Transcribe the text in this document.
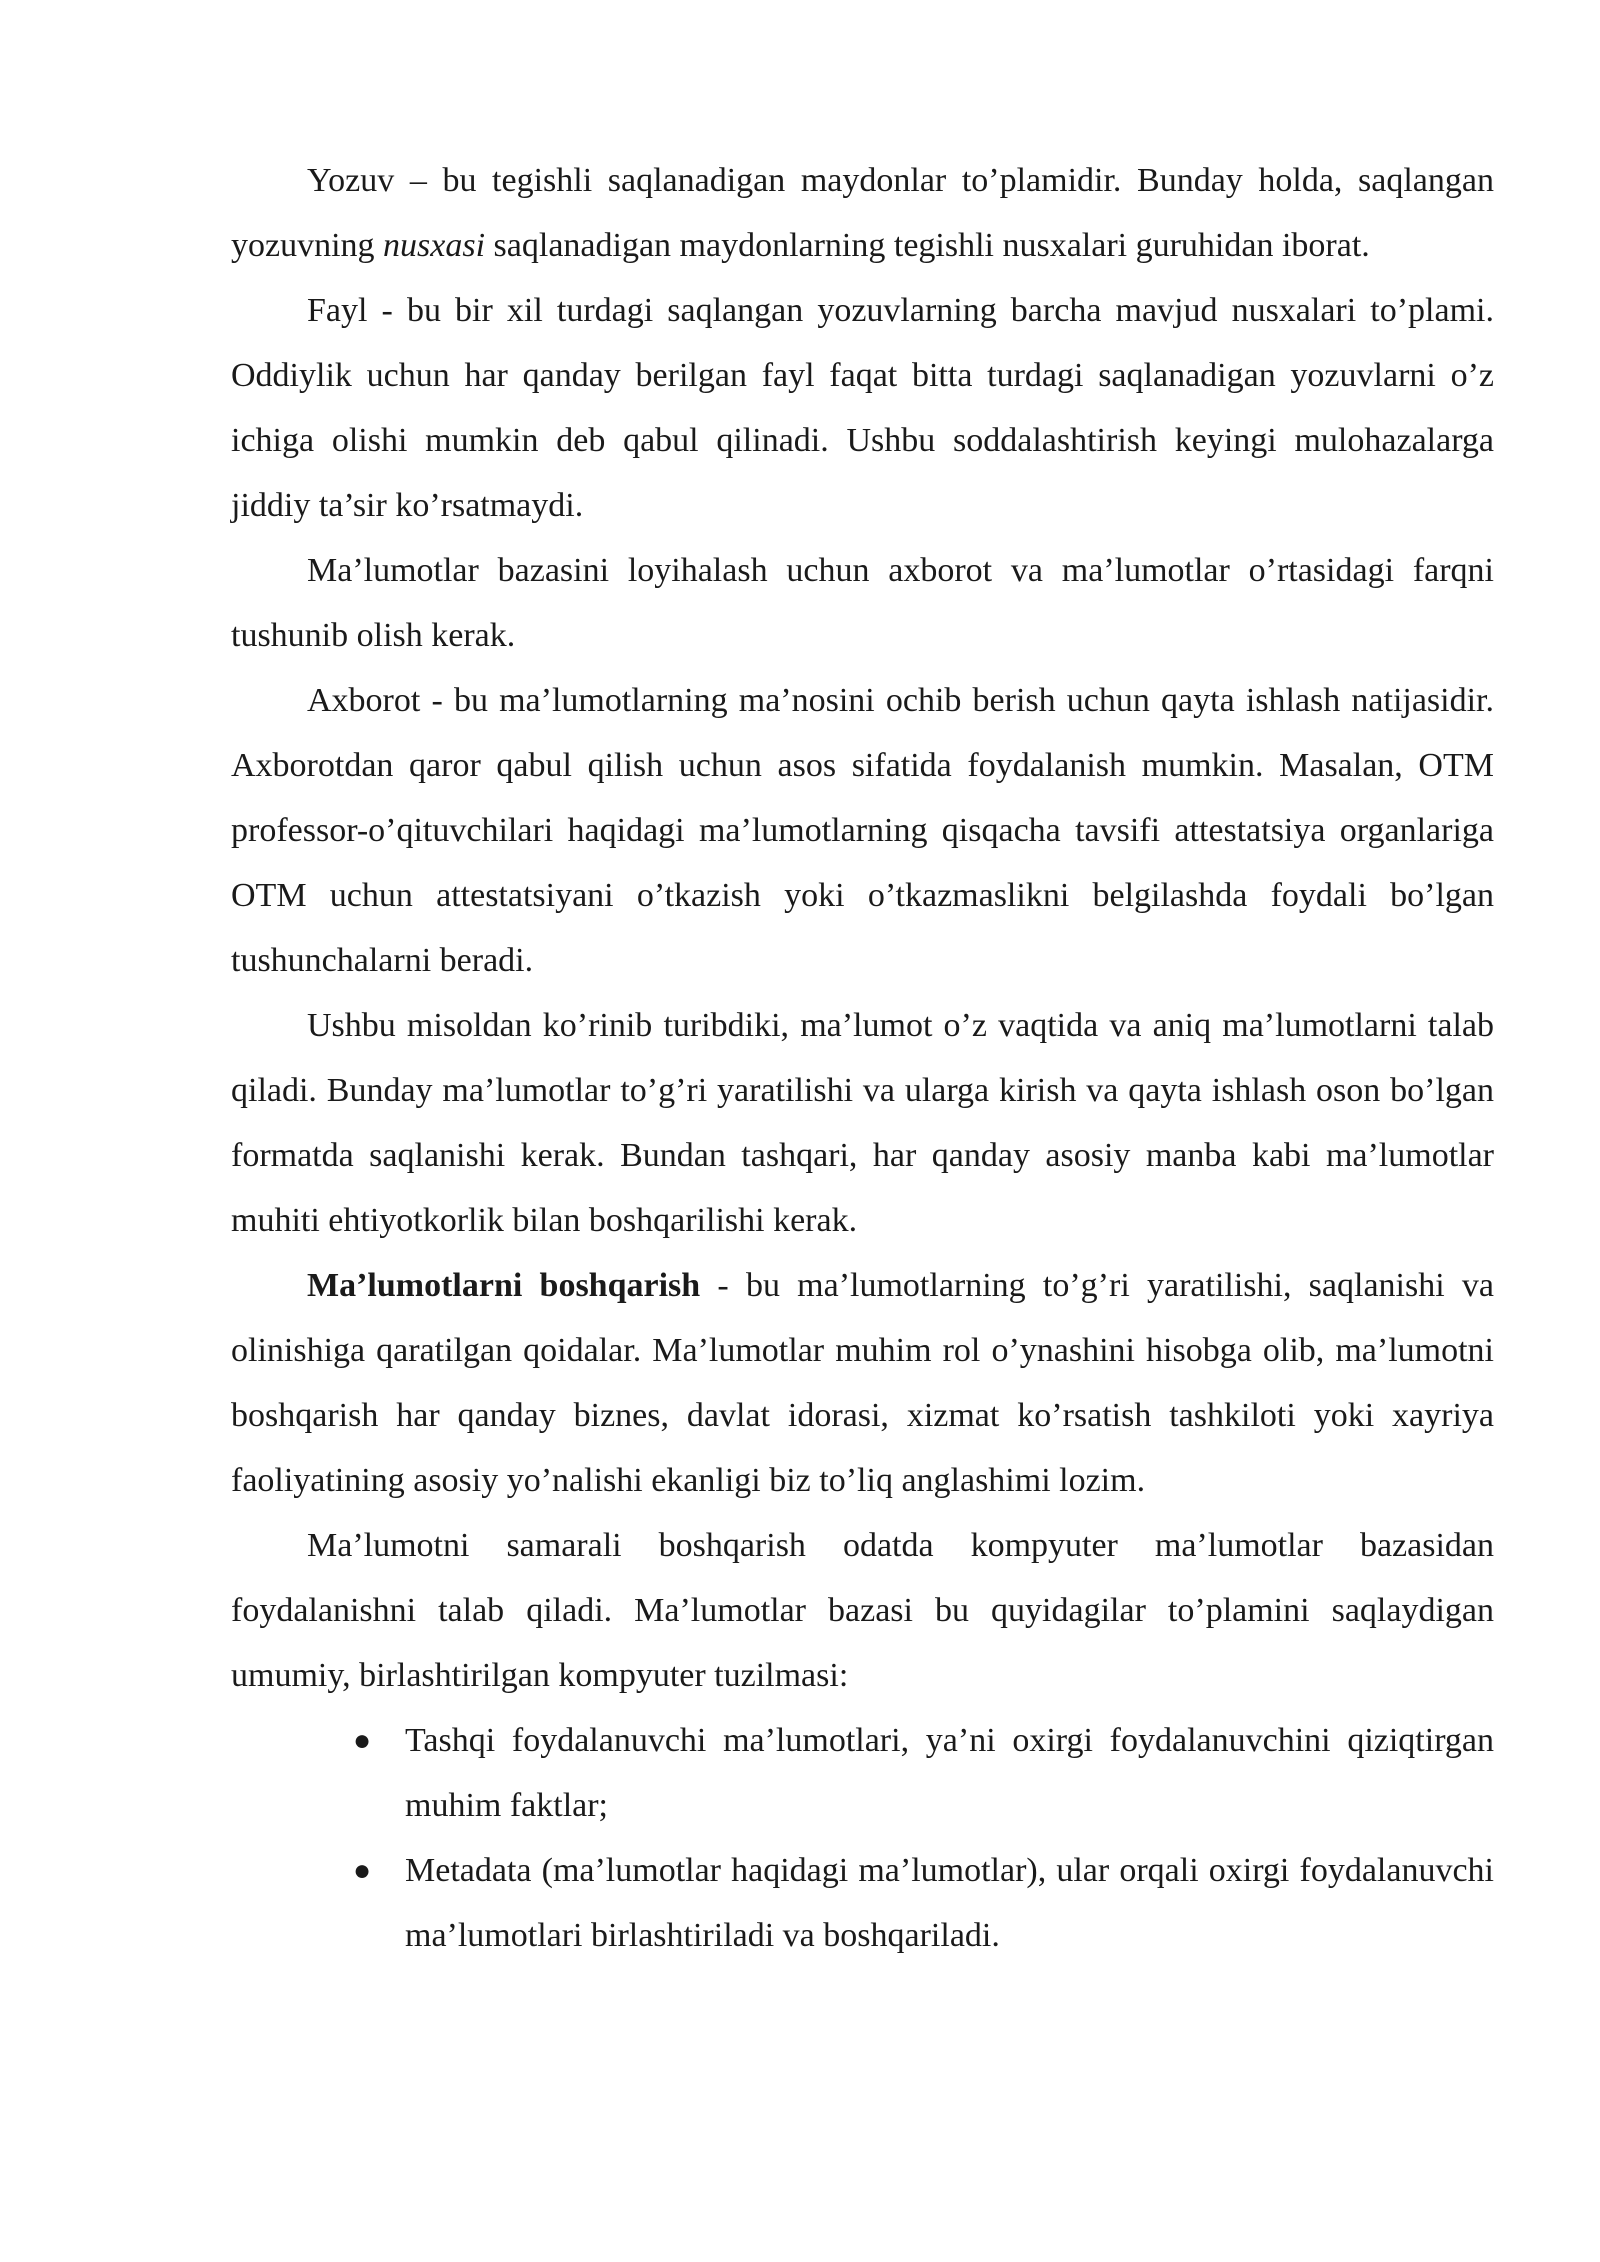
Yozuv – bu tegishli saqlanadigan maydonlar to’plamidir. Bunday holda, saqlangan yozuvning nusxasi saqlanadigan maydonlarning tegishli nusxalari guruhidan iborat.

Fayl - bu bir xil turdagi saqlangan yozuvlarning barcha mavjud nusxalari to’plami. Oddiylik uchun har qanday berilgan fayl faqat bitta turdagi saqlanadigan yozuvlarni o’z ichiga olishi mumkin deb qabul qilinadi. Ushbu soddalashtirish keyingi mulohazalarga jiddiy ta’sir ko’rsatmaydi.

Ma’lumotlar bazasini loyihalash uchun axborot va ma’lumotlar o’rtasidagi farqni tushunib olish kerak.

Axborot - bu ma’lumotlarning ma’nosini ochib berish uchun qayta ishlash natijasidir. Axborotdan qaror qabul qilish uchun asos sifatida foydalanish mumkin. Masalan, OTM professor-o’qituvchilari haqidagi ma’lumotlarning qisqacha tavsifi attestatsiya organlariga OTM uchun attestatsiyani o’tkazish yoki o’tkazmaslikni belgilashda foydali bo’lgan tushunchalarni beradi.

Ushbu misoldan ko’rinib turibdiki, ma’lumot o’z vaqtida va aniq ma’lumotlarni talab qiladi. Bunday ma’lumotlar to’g’ri yaratilishi va ularga kirish va qayta ishlash oson bo’lgan formatda saqlanishi kerak. Bundan tashqari, har qanday asosiy manba kabi ma’lumotlar muhiti ehtiyotkorlik bilan boshqarilishi kerak.

Ma’lumotlarni boshqarish - bu ma’lumotlarning to’g’ri yaratilishi, saqlanishi va olinishiga qaratilgan qoidalar. Ma’lumotlar muhim rol o’ynashini hisobga olib, ma’lumotni boshqarish har qanday biznes, davlat idorasi, xizmat ko’rsatish tashkiloti yoki xayriya faoliyatining asosiy yo’nalishi ekanligi biz to’liq anglashimi lozim.

Ma’lumotni samarali boshqarish odatda kompyuter ma’lumotlar bazasidan foydalanishni talab qiladi. Ma’lumotlar bazasi bu quyidagilar to’plamini saqlaydigan umumiy, birlashtirilgan kompyuter tuzilmasi:

● Tashqi foydalanuvchi ma’lumotlari, ya’ni oxirgi foydalanuvchini qiziqtirgan muhim faktlar;
● Metadata (ma’lumotlar haqidagi ma’lumotlar), ular orqali oxirgi foydalanuvchi ma’lumotlari birlashtiriladi va boshqariladi.
